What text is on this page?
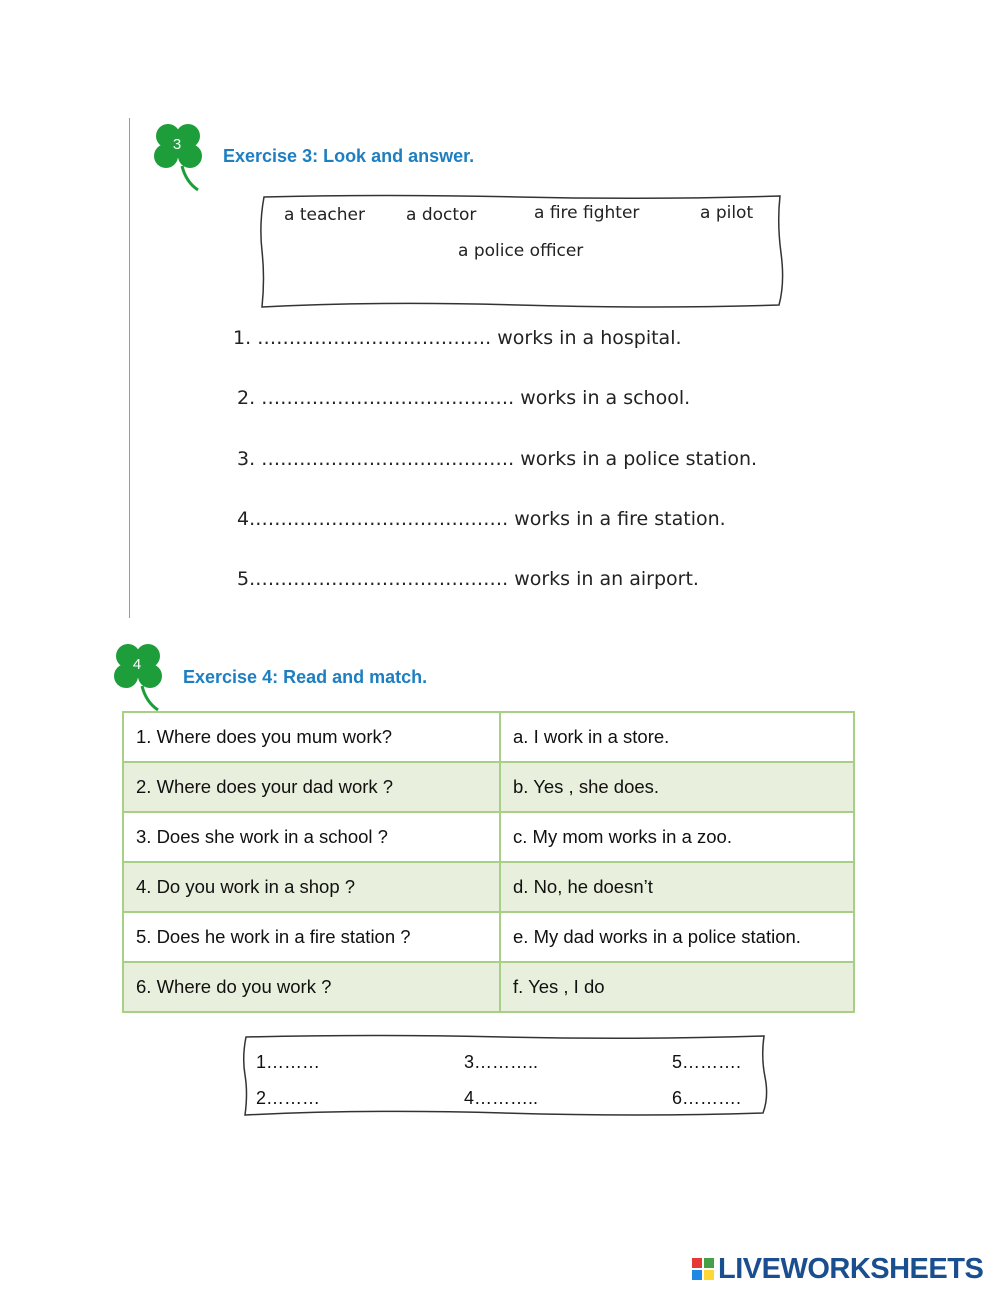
3
Exercise 3: Look and answer.
a teacher a doctor	a fire fighter	a pilot
a police officer
1. ………………………………. works in a hospital.
2. …………………………………. works in a school.
3. …………………………………. works in a police station.
4.…………………………………. works in a fire station.
5.…………………………………. works in an airport.
4
Exercise 4: Read and match.
1. Where does you mum work?	a. I work in a store.
2. Where does your dad work ?	b. Yes , she does.
3. Does she work in a school ?	c. My mom works in a zoo.
4. Do you work in a shop ?	d. No, he doesn’t
5. Does he work in a fire station ?	e. My dad works in a police station.
6. Where do you work ?	f. Yes , I do
1………	3………..	5……….
2………	4………..	6……….
LIVEWORKSHEETS
